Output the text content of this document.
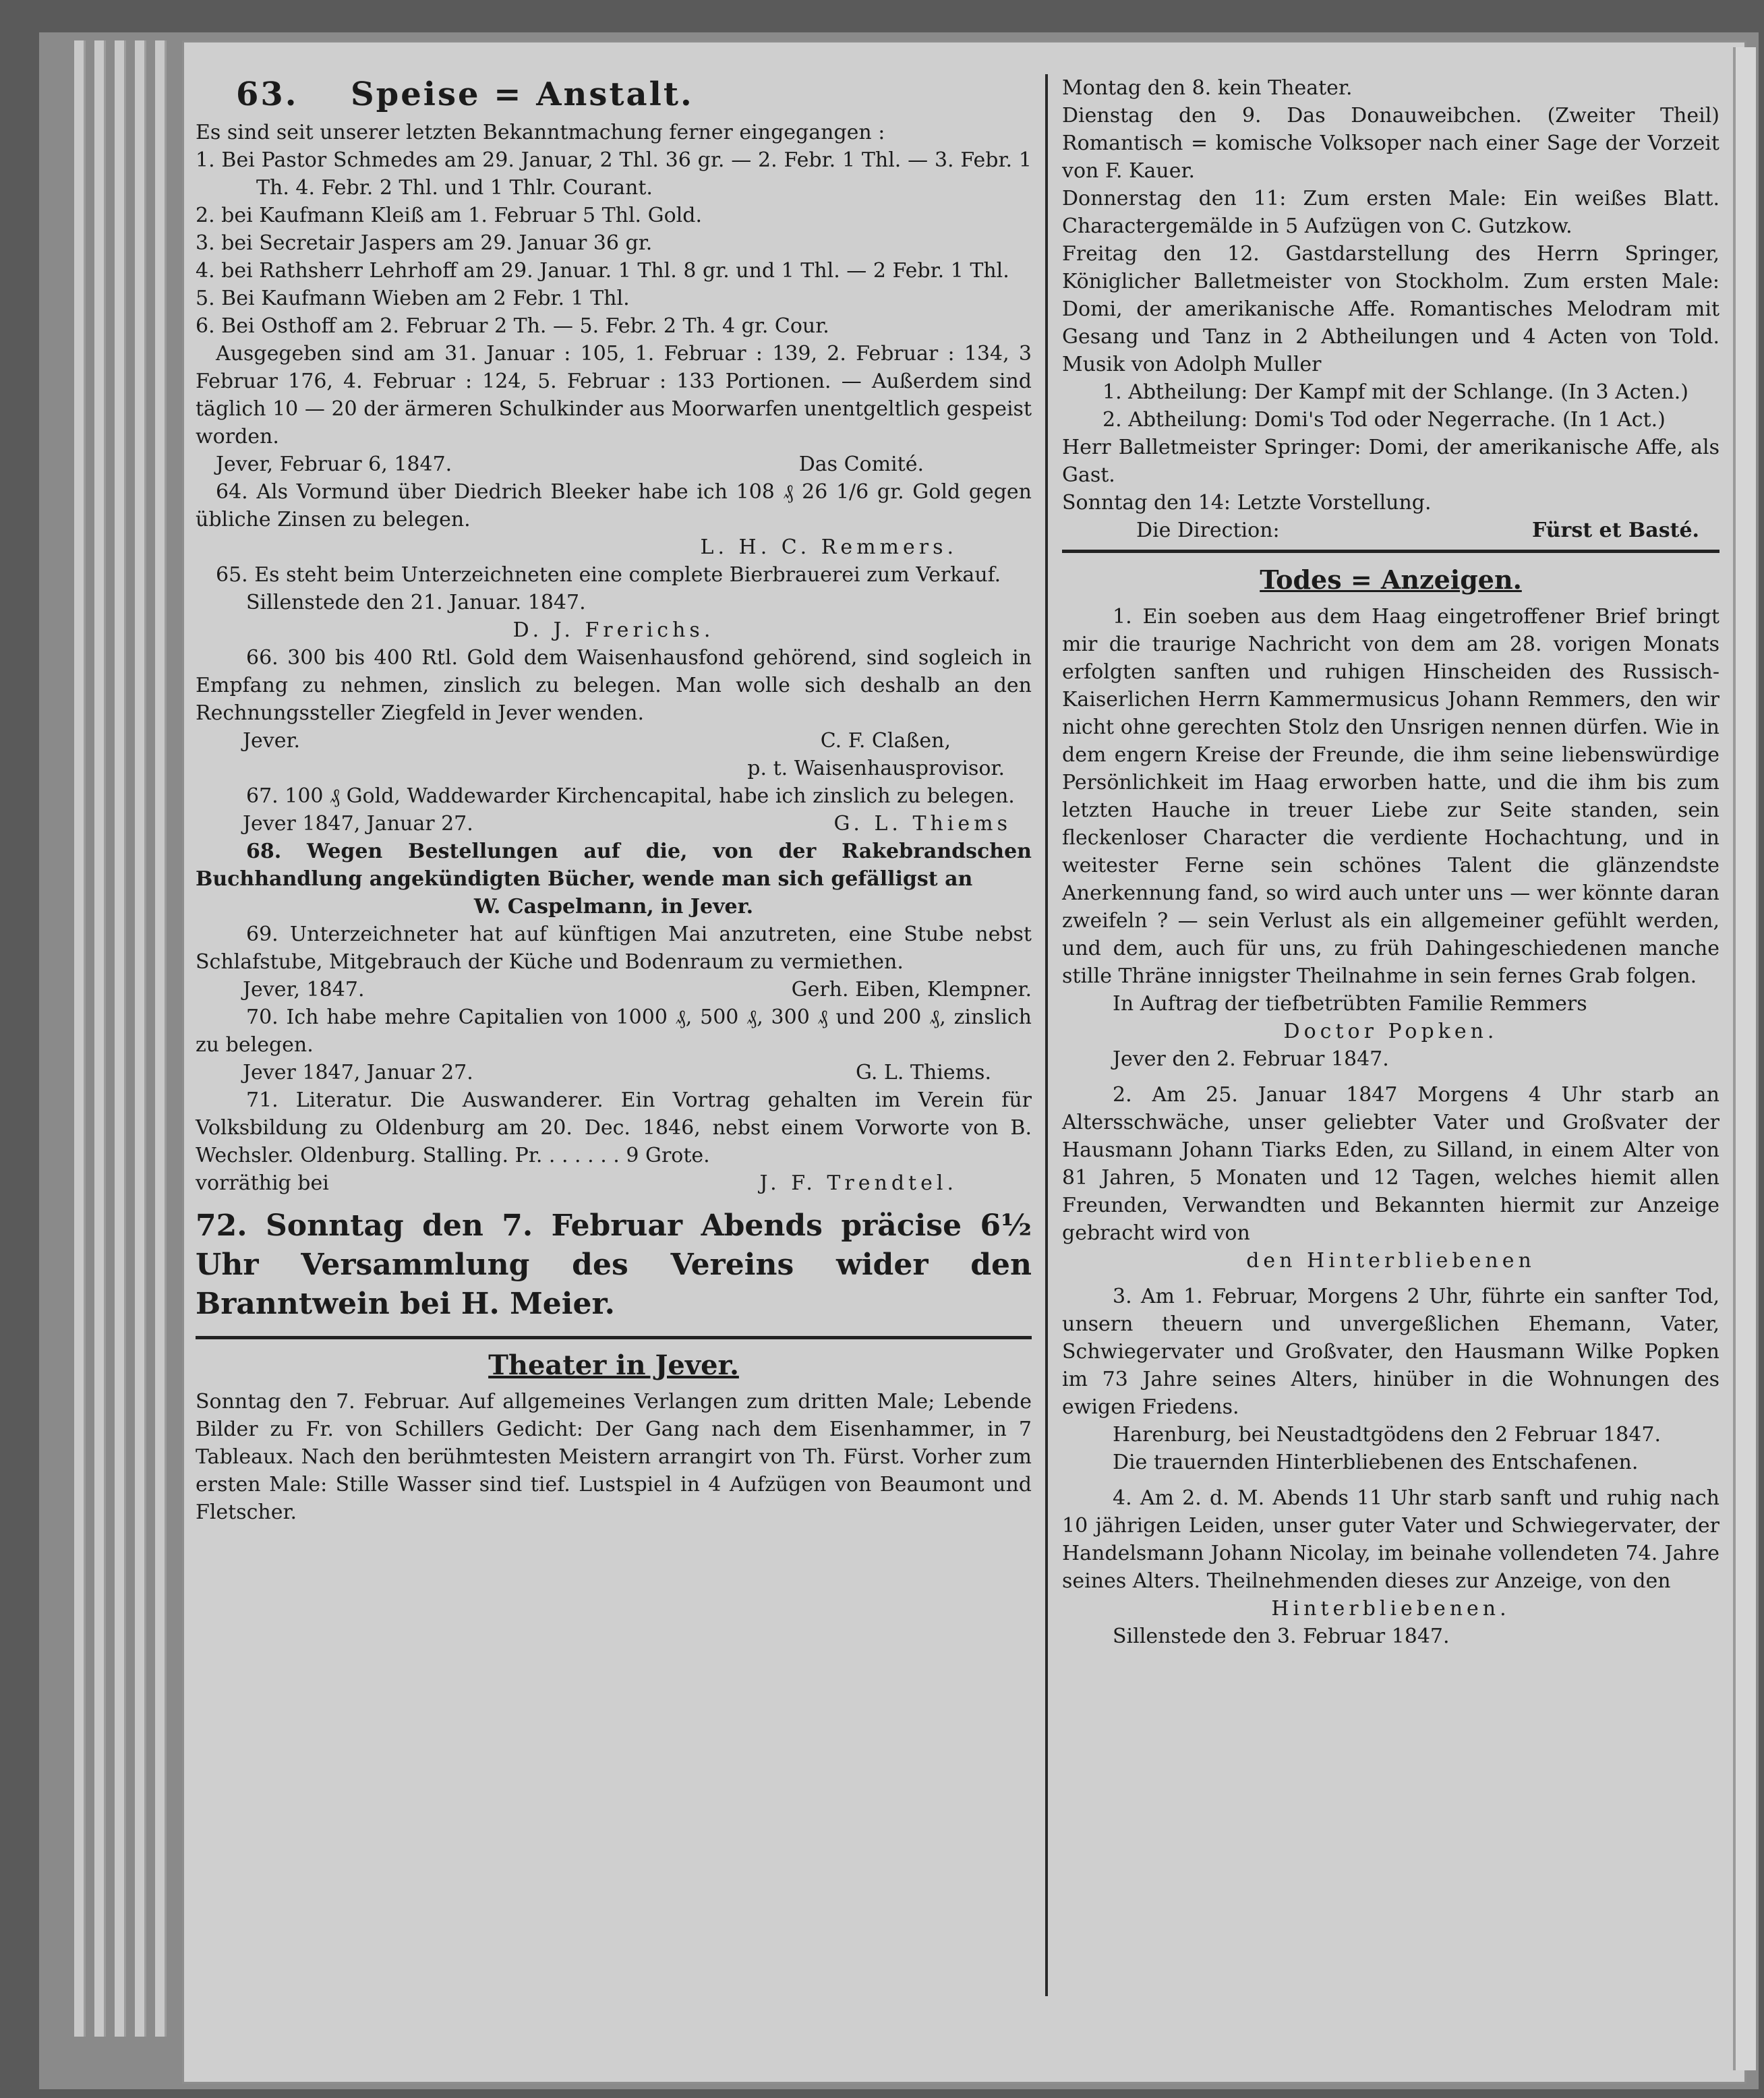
63.	Speise = Anstalt.

Es sind seit unserer letzten Bekanntmachung ferner eingegangen :

1. Bei Pastor Schmedes am 29. Januar, 2 Thl. 36 gr. — 2. Febr. 1 Thl. — 3. Febr. 1 Th. 4. Febr. 2 Thl. und 1 Thlr. Courant.

2. bei Kaufmann Kleiß am 1. Februar 5 Thl. Gold.

3. bei Secretair Jaspers am 29. Januar 36 gr.

4. bei Rathsherr Lehrhoff am 29. Januar. 1 Thl. 8 gr. und 1 Thl. — 2 Febr. 1 Thl.

5. Bei Kaufmann Wieben am 2 Febr. 1 Thl.

6. Bei Osthoff am 2. Februar 2 Th. — 5. Febr. 2 Th. 4 gr. Cour.

Ausgegeben sind am 31. Januar : 105, 1. Februar : 139, 2. Februar : 134, 3 Februar 176, 4. Februar : 124, 5. Februar : 133 Portionen. — Außerdem sind täglich 10 — 20 der ärmeren Schulkinder aus Moorwarfen unentgeltlich gespeist worden.

Jever, Februar 6, 1847.	Das Comité.

64. Als Vormund über Diedrich Bleeker habe ich 108 ₰ 26 1/6 gr. Gold gegen übliche Zinsen zu belegen.

L. H. C. Remmers.

65. Es steht beim Unterzeichneten eine complete Bierbrauerei zum Verkauf.

Sillenstede den 21. Januar. 1847.

D. J. Frerichs.

66. 300 bis 400 Rtl. Gold dem Waisenhausfond gehörend, sind sogleich in Empfang zu nehmen, zinslich zu belegen. Man wolle sich deshalb an den Rechnungssteller Ziegfeld in Jever wenden.

Jever.	C. F. Claßen,

p. t. Waisenhausprovisor.

67. 100 ₰ Gold, Waddewarder Kirchencapital, habe ich zinslich zu belegen.

Jever 1847, Januar 27.	G. L. Thiems

68. Wegen Bestellungen auf die, von der Rakebrandschen Buchhandlung angekündigten Bücher, wende man sich gefälligst an

W. Caspelmann, in Jever.

69. Unterzeichneter hat auf künftigen Mai anzutreten, eine Stube nebst Schlafstube, Mitgebrauch der Küche und Bodenraum zu vermiethen.

Jever, 1847.	Gerh. Eiben, Klempner.

70. Ich habe mehre Capitalien von 1000 ₰, 500 ₰, 300 ₰ und 200 ₰, zinslich zu belegen.

Jever 1847, Januar 27.	G. L. Thiems.

71. Literatur. Die Auswanderer. Ein Vortrag gehalten im Verein für Volksbildung zu Oldenburg am 20. Dec. 1846, nebst einem Vorworte von B. Wechsler. Oldenburg. Stalling. Pr. . . . . . . 9 Grote.

vorräthig bei	J. F. Trendtel.
72. Sonntag den 7. Februar Abends präcise 6½ Uhr Versammlung des Vereins wider den Branntwein bei H. Meier.
Theater in Jever.

Sonntag den 7. Februar. Auf allgemeines Verlangen zum dritten Male; Lebende Bilder zu Fr. von Schillers Gedicht: Der Gang nach dem Eisenhammer, in 7 Tableaux. Nach den berühmtesten Meistern arrangirt von Th. Fürst. Vorher zum ersten Male: Stille Wasser sind tief. Lustspiel in 4 Aufzügen von Beaumont und Fletscher.

Montag den 8. kein Theater.

Dienstag den 9. Das Donauweibchen. (Zweiter Theil) Romantisch = komische Volksoper nach einer Sage der Vorzeit von F. Kauer.

Donnerstag den 11: Zum ersten Male: Ein weißes Blatt. Charactergemälde in 5 Aufzügen von C. Gutzkow.

Freitag den 12. Gastdarstellung des Herrn Springer, Königlicher Balletmeister von Stockholm. Zum ersten Male: Domi, der amerikanische Affe. Romantisches Melodram mit Gesang und Tanz in 2 Abtheilungen und 4 Acten von Told. Musik von Adolph Muller

1. Abtheilung: Der Kampf mit der Schlange. (In 3 Acten.)

2. Abtheilung: Domi's Tod oder Negerrache. (In 1 Act.)

Herr Balletmeister Springer: Domi, der amerikanische Affe, als Gast.

Sonntag den 14: Letzte Vorstellung.

Die Direction:	Fürst et Basté.
Todes = Anzeigen.

1. Ein soeben aus dem Haag eingetroffener Brief bringt mir die traurige Nachricht von dem am 28. vorigen Monats erfolgten sanften und ruhigen Hinscheiden des Russisch-Kaiserlichen Herrn Kammermusicus Johann Remmers, den wir nicht ohne gerechten Stolz den Unsrigen nennen dürfen. Wie in dem engern Kreise der Freunde, die ihm seine liebenswürdige Persönlichkeit im Haag erworben hatte, und die ihm bis zum letzten Hauche in treuer Liebe zur Seite standen, sein fleckenloser Character die verdiente Hochachtung, und in weitester Ferne sein schönes Talent die glänzendste Anerkennung fand, so wird auch unter uns — wer könnte daran zweifeln ? — sein Verlust als ein allgemeiner gefühlt werden, und dem, auch für uns, zu früh Dahingeschiedenen manche stille Thräne innigster Theilnahme in sein fernes Grab folgen.

In Auftrag der tiefbetrübten Familie Remmers

Doctor Popken.

Jever den 2. Februar 1847.

2. Am 25. Januar 1847 Morgens 4 Uhr starb an Altersschwäche, unser geliebter Vater und Großvater der Hausmann Johann Tiarks Eden, zu Silland, in einem Alter von 81 Jahren, 5 Monaten und 12 Tagen, welches hiemit allen Freunden, Verwandten und Bekannten hiermit zur Anzeige gebracht wird von

den Hinterbliebenen

3. Am 1. Februar, Morgens 2 Uhr, führte ein sanfter Tod, unsern theuern und unvergeßlichen Ehemann, Vater, Schwiegervater und Großvater, den Hausmann Wilke Popken im 73 Jahre seines Alters, hinüber in die Wohnungen des ewigen Friedens.

Harenburg, bei Neustadtgödens den 2 Februar 1847.

Die trauernden Hinterbliebenen des Entschafenen.

4. Am 2. d. M. Abends 11 Uhr starb sanft und ruhig nach 10 jährigen Leiden, unser guter Vater und Schwiegervater, der Handelsmann Johann Nicolay, im beinahe vollendeten 74. Jahre seines Alters. Theilnehmenden dieses zur Anzeige, von den

Hinterbliebenen.

Sillenstede den 3. Februar 1847.
